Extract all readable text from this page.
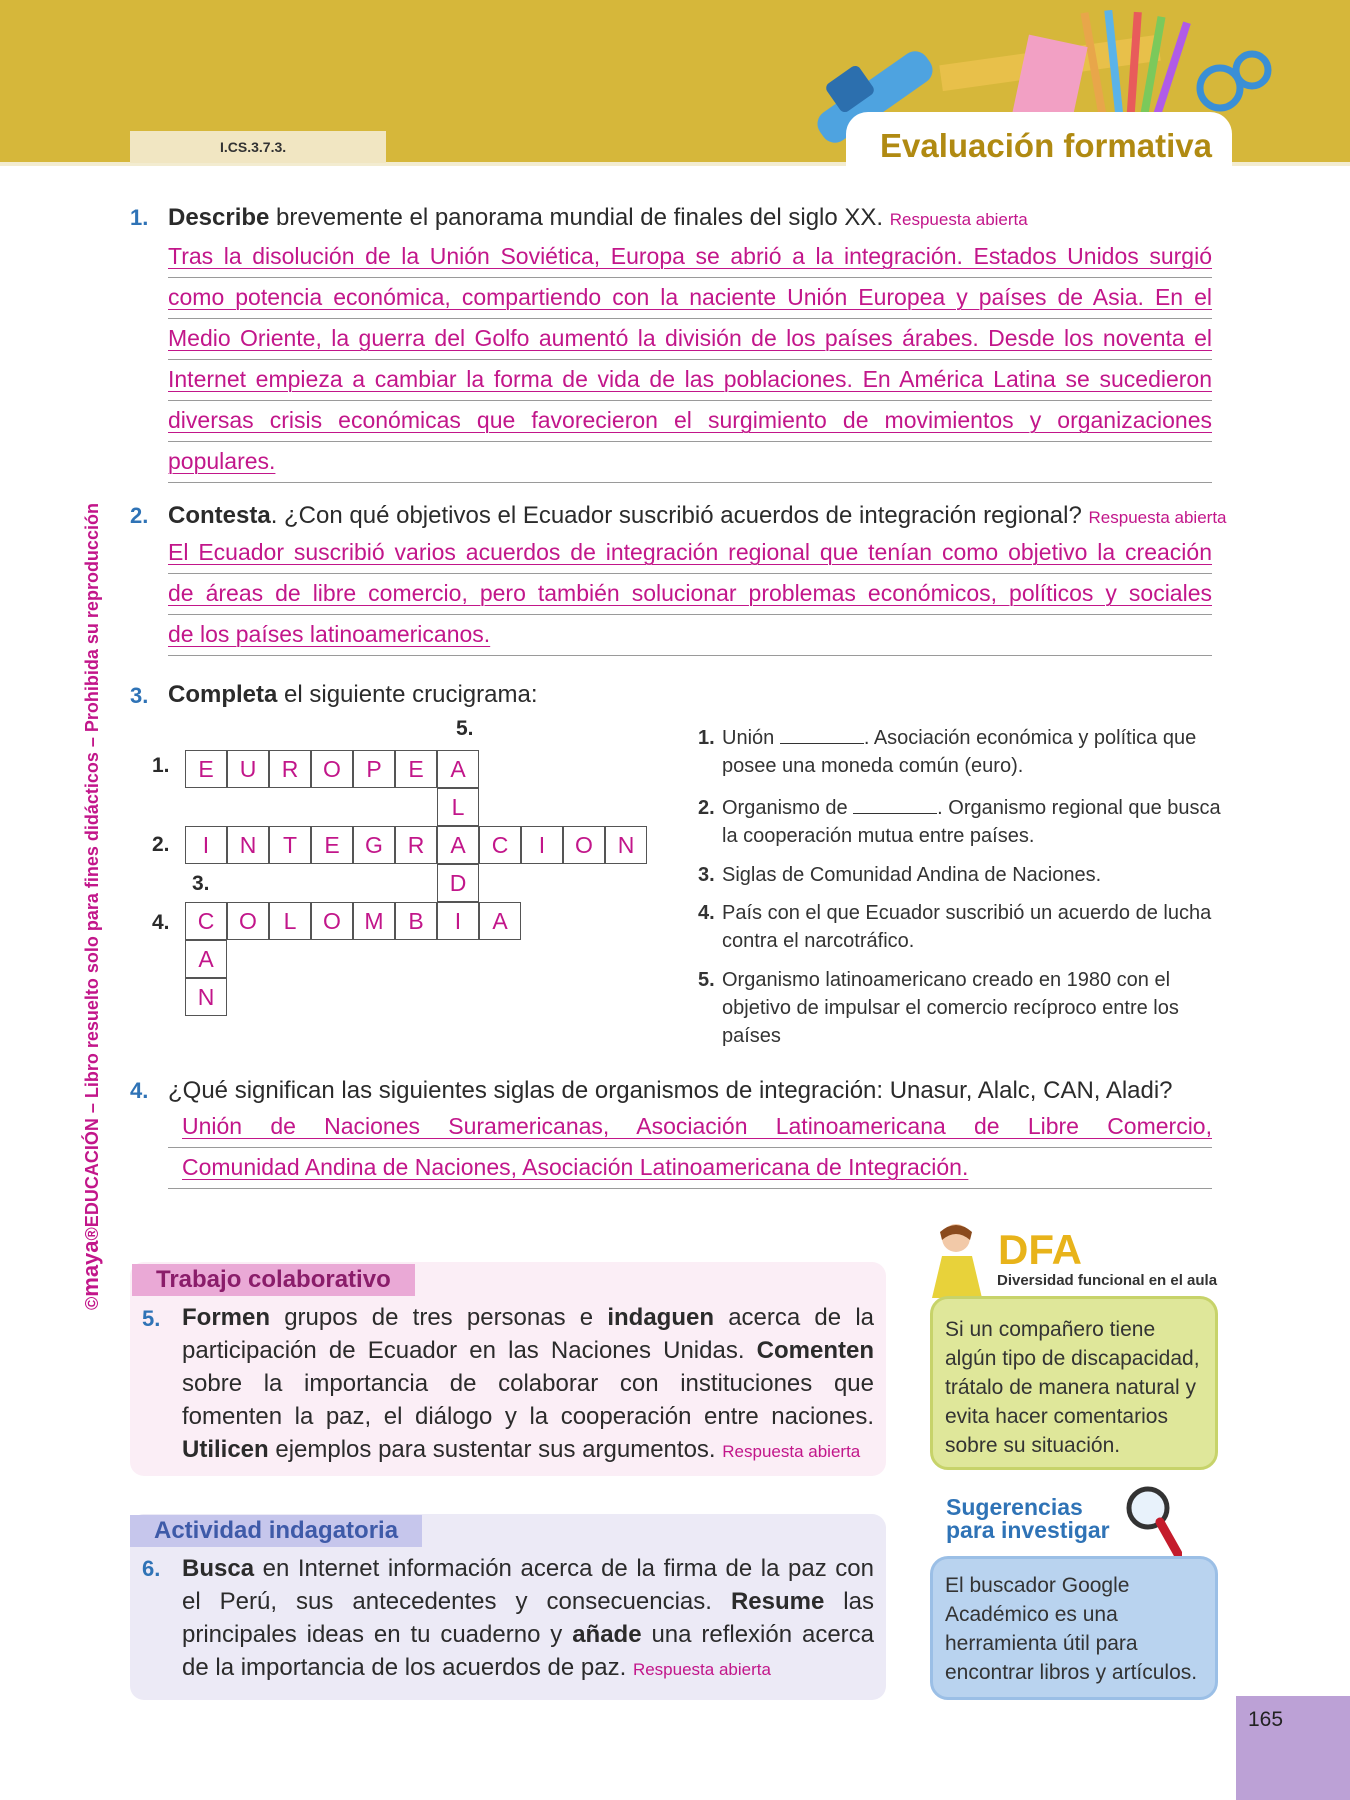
I.CS.3.7.3.	Evaluación formativa
©maya®EDUCACIÓN – Libro resuelto solo para fines didácticos – Prohibida su reproducción
1. Describe brevemente el panorama mundial de finales del siglo XX. Respuesta abierta
Tras la disolución de la Unión Soviética, Europa se abrió a la integración. Estados Unidos surgió
como potencia económica, compartiendo con la naciente Unión Europea y países de Asia. En el
Medio Oriente, la guerra del Golfo aumentó la división de los países árabes. Desde los noventa el
Internet empieza a cambiar la forma de vida de las poblaciones. En América Latina se sucedieron
diversas crisis económicas que favorecieron el surgimiento de movimientos y organizaciones
populares.
2. Contesta. ¿Con qué objetivos el Ecuador suscribió acuerdos de integración regional? Respuesta abierta
El Ecuador suscribió varios acuerdos de integración regional que tenían como objetivo la creación
de áreas de libre comercio, pero también solucionar problemas económicos, políticos y sociales
de los países latinoamericanos.
3. Completa el siguiente crucigrama:
5.
1.
2.
3.
4.
E	U	R	O	P	E	A
L
I	N	T	E	G	R	A	C	I	O	N
D
C	O	L	O	M	B	I	A
A
N
1. Unión	. Asociación económica y política que posee una moneda común (euro).
2. Organismo de	. Organismo regional que busca la cooperación mutua entre países.
3. Siglas de Comunidad Andina de Naciones.
4. País con el que Ecuador suscribió un acuerdo de lucha contra el narcotráfico.
5. Organismo latinoamericano creado en 1980 con el objetivo de impulsar el comercio recíproco entre los países
4. ¿Qué significan las siguientes siglas de organismos de integración: Unasur, Alalc, CAN, Aladi?
Unión de Naciones Suramericanas, Asociación Latinoamericana de Libre Comercio,
Comunidad Andina de Naciones, Asociación Latinoamericana de Integración.
Trabajo colaborativo
5. Formen grupos de tres personas e indaguen acerca de la participación de Ecuador en las Naciones Unidas. Comenten sobre la importancia de colaborar con instituciones que fomenten la paz, el diálogo y la cooperación entre naciones. Utilicen ejemplos para sustentar sus argumentos. Respuesta abierta
Actividad indagatoria
6. Busca en Internet información acerca de la firma de la paz con el Perú, sus antecedentes y consecuencias. Resume las principales ideas en tu cuaderno y añade una reflexión acerca de la importancia de los acuerdos de paz. Respuesta abierta
DFA
Diversidad funcional en el aula
Si un compañero tiene algún tipo de discapacidad, trátalo de manera natural y evita hacer comentarios sobre su situación.
Sugerencias
para investigar
El buscador Google Académico es una herramienta útil para encontrar libros y artículos.
165
